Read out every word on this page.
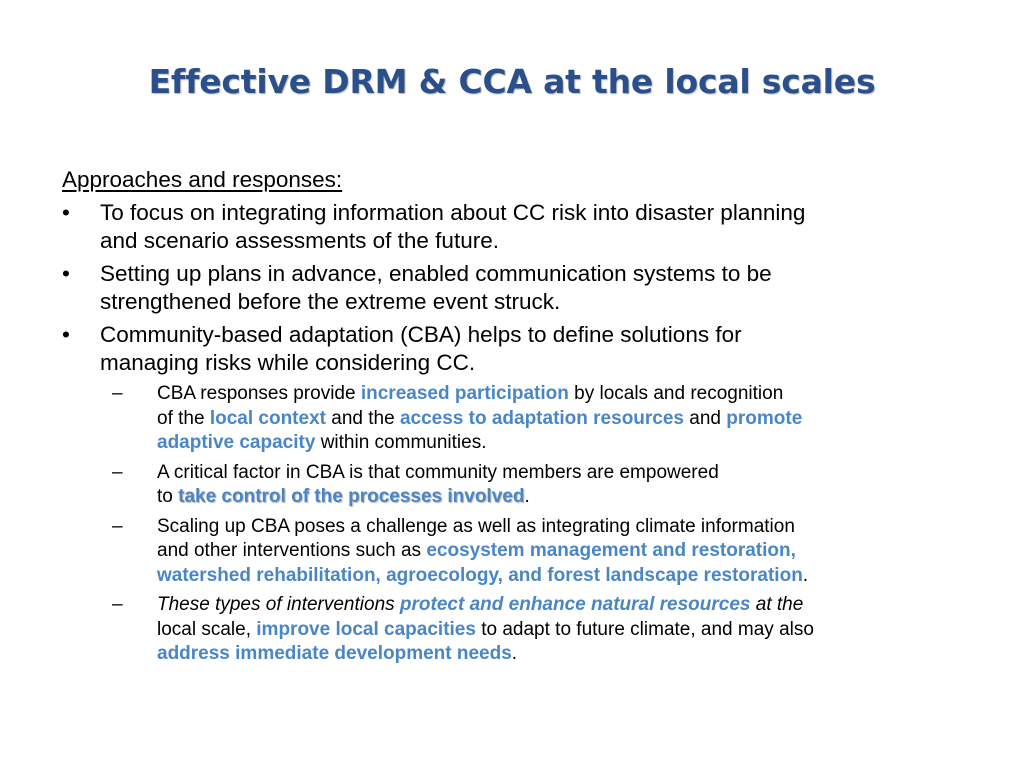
Effective DRM & CCA at the local scales
Approaches and responses:
• To focus on integrating information about CC risk into disaster planning
and scenario assessments of the future.
• Setting up plans in advance, enabled communication systems to be
strengthened before the extreme event struck.
• Community-based adaptation (CBA) helps to define solutions for
managing risks while considering CC.
– CBA responses provide increased participation by locals and recognition
of the local context and the access to adaptation resources and promote
adaptive capacity within communities.
– A critical factor in CBA is that community members are empowered
to take control of the processes involved.
– Scaling up CBA poses a challenge as well as integrating climate information
and other interventions such as ecosystem management and restoration,
watershed rehabilitation, agroecology, and forest landscape restoration.
– These types of interventions protect and enhance natural resources at the
local scale, improve local capacities to adapt to future climate, and may also
address immediate development needs.
